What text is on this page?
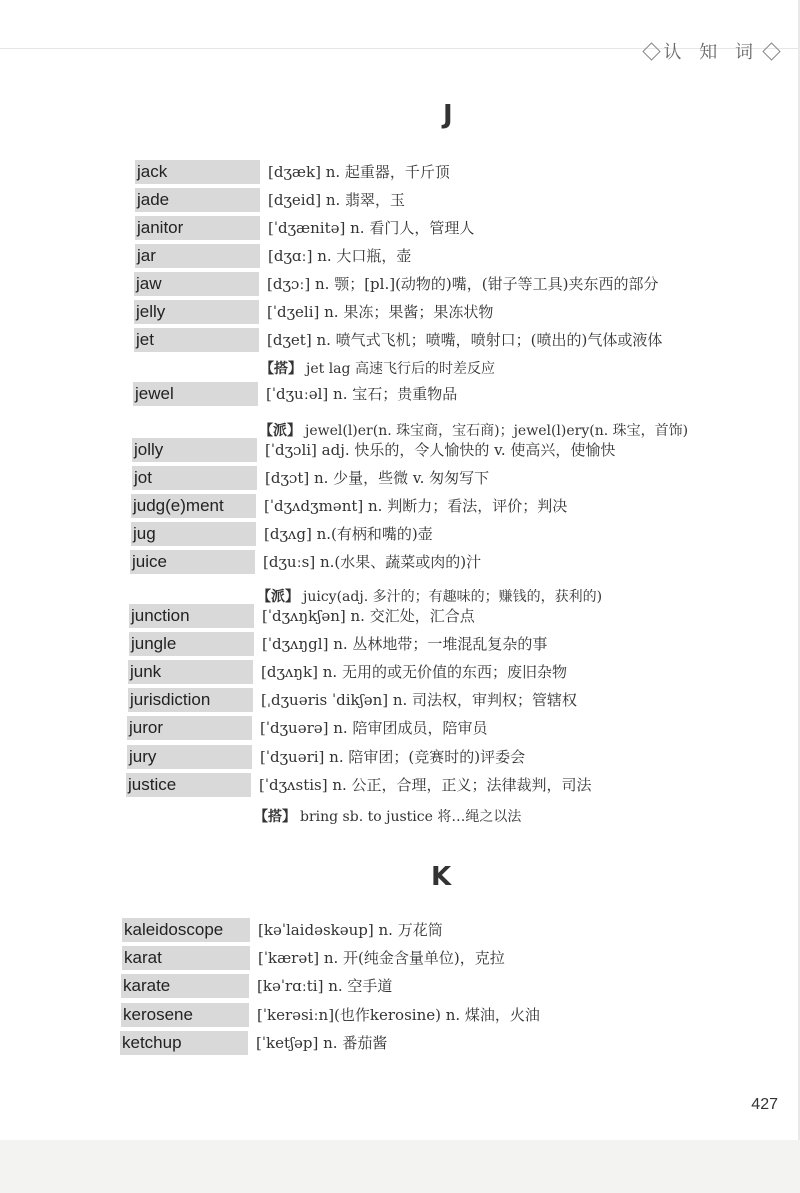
认 知 词
J
jack	[dʒæk] n. 起重器，千斤顶
jade	[dʒeid] n. 翡翠，玉
janitor	[ˈdʒænitə] n. 看门人，管理人
jar	[dʒɑː] n. 大口瓶，壶
jaw	[dʒɔː] n. 颚；[pl.](动物的)嘴，(钳子等工具)夹东西的部分
jelly	[ˈdʒeli] n. 果冻；果酱；果冻状物
jet	[dʒet] n. 喷气式飞机；喷嘴，喷射口；(喷出的)气体或液体
【搭】 jet lag 高速飞行后的时差反应
jewel	[ˈdʒuːəl] n. 宝石；贵重物品
【派】 jewel(l)er(n. 珠宝商，宝石商)；jewel(l)ery(n. 珠宝，首饰)
jolly	[ˈdʒɔli] adj. 快乐的，令人愉快的 v. 使高兴，使愉快
jot	[dʒɔt] n. 少量，些微 v. 匆匆写下
judg(e)ment	[ˈdʒʌdʒmənt] n. 判断力；看法，评价；判决
jug	[dʒʌg] n.(有柄和嘴的)壶
juice	[dʒuːs] n.(水果、蔬菜或肉的)汁
【派】 juicy(adj. 多汁的；有趣味的；赚钱的，获利的)
junction	[ˈdʒʌŋkʃən] n. 交汇处，汇合点
jungle	[ˈdʒʌŋgl] n. 丛林地带；一堆混乱复杂的事
junk	[dʒʌŋk] n. 无用的或无价值的东西；废旧杂物
jurisdiction	[ˌdʒuəris ˈdikʃən] n. 司法权，审判权；管辖权
juror	[ˈdʒuərə] n. 陪审团成员，陪审员
jury	[ˈdʒuəri] n. 陪审团；(竞赛时的)评委会
justice	[ˈdʒʌstis] n. 公正，合理，正义；法律裁判，司法
【搭】 bring sb. to justice 将…绳之以法
K
kaleidoscope	[kəˈlaidəskəup] n. 万花筒
karat	[ˈkærət] n. 开(纯金含量单位)，克拉
karate	[kəˈrɑːti] n. 空手道
kerosene	[ˈkerəsiːn](也作kerosine) n. 煤油，火油
ketchup	[ˈketʃəp] n. 番茄酱
427
